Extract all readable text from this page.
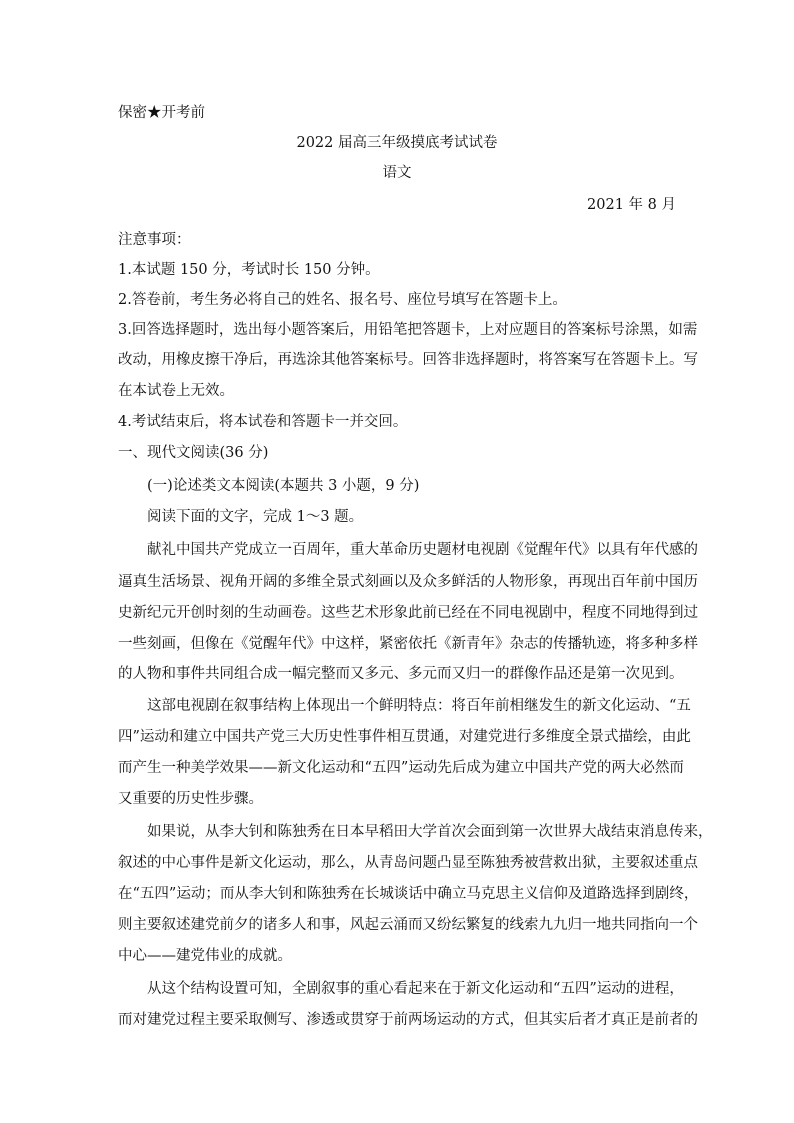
保密★开考前
2022 届高三年级摸底考试试卷
语文
2021 年 8 月
注意事项：
1.本试题 150 分，考试时长 150 分钟。
2.答卷前，考生务必将自己的姓名、报名号、座位号填写在答题卡上。
3.回答选择题时，选出每小题答案后，用铅笔把答题卡，上对应题目的答案标号涂黑，如需
改动，用橡皮擦干净后，再选涂其他答案标号。回答非选择题时，将答案写在答题卡上。写
在本试卷上无效。
4.考试结束后，将本试卷和答题卡一并交回。
一、现代文阅读(36 分)
(一)论述类文本阅读(本题共 3 小题，9 分)
阅读下面的文字，完成 1～3 题。
献礼中国共产党成立一百周年，重大革命历史题材电视剧《觉醒年代》以具有年代感的
逼真生活场景、视角开阔的多维全景式刻画以及众多鲜活的人物形象，再现出百年前中国历
史新纪元开创时刻的生动画卷。这些艺术形象此前已经在不同电视剧中，程度不同地得到过
一些刻画，但像在《觉醒年代》中这样，紧密依托《新青年》杂志的传播轨迹，将多种多样
的人物和事件共同组合成一幅完整而又多元、多元而又归一的群像作品还是第一次见到。
这部电视剧在叙事结构上体现出一个鲜明特点：将百年前相继发生的新文化运动、“五
四”运动和建立中国共产党三大历史性事件相互贯通，对建党进行多维度全景式描绘，由此
而产生一种美学效果——新文化运动和“五四”运动先后成为建立中国共产党的两大必然而
又重要的历史性步骤。
如果说，从李大钊和陈独秀在日本早稻田大学首次会面到第一次世界大战结束消息传来，
叙述的中心事件是新文化运动，那么，从青岛问题凸显至陈独秀被营救出狱，主要叙述重点
在“五四”运动；而从李大钊和陈独秀在长城谈话中确立马克思主义信仰及道路选择到剧终，
则主要叙述建党前夕的诸多人和事，风起云涌而又纷纭繁复的线索九九归一地共同指向一个
中心——建党伟业的成就。
从这个结构设置可知，全剧叙事的重心看起来在于新文化运动和“五四”运动的进程，
而对建党过程主要采取侧写、渗透或贯穿于前两场运动的方式，但其实后者才真正是前者的
